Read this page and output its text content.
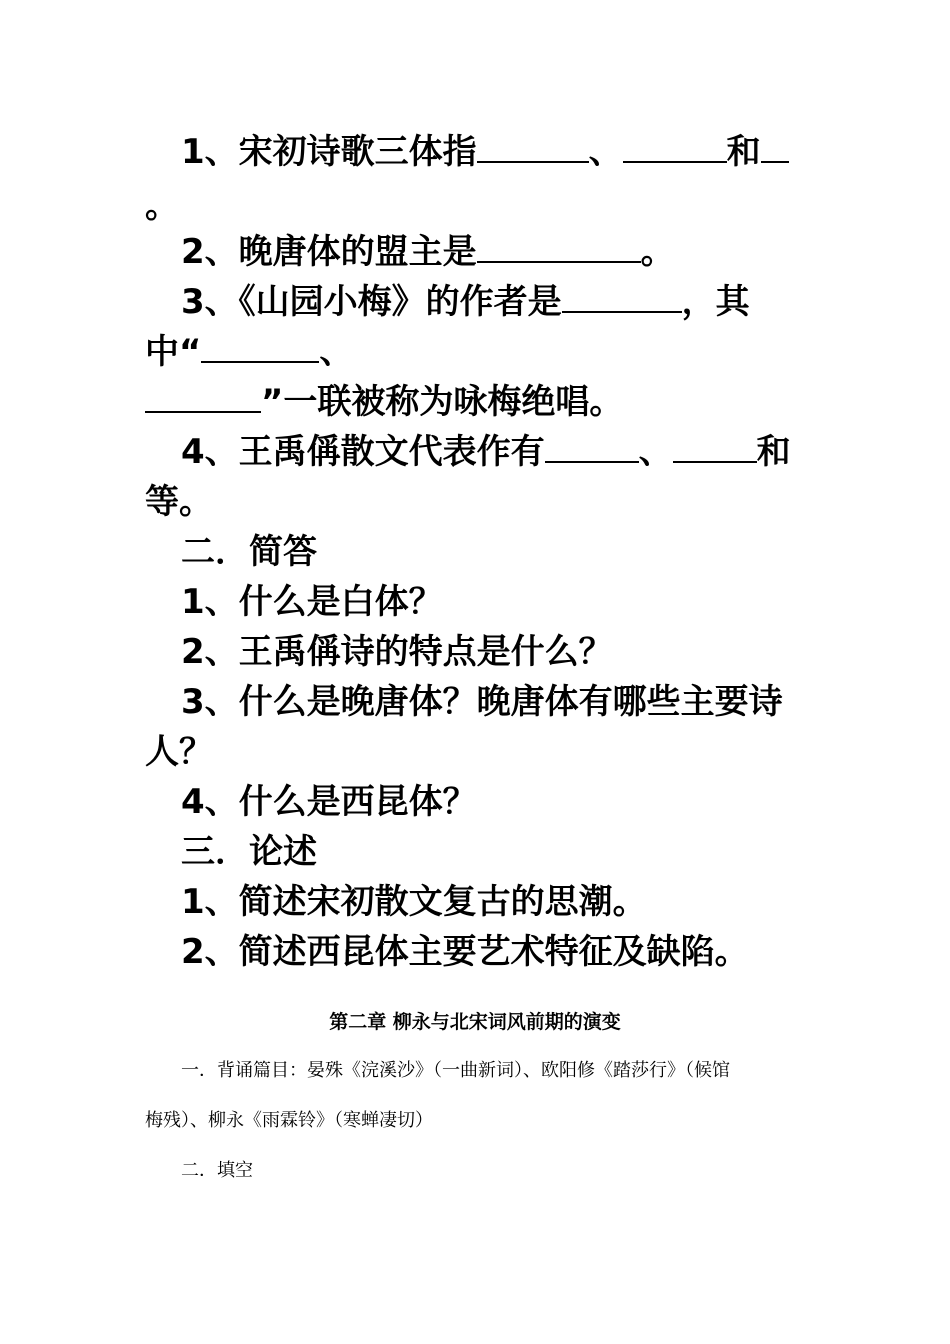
1、宋初诗歌三体指	、	和
。
2、晚唐体的盟主是	。
3、《山园小梅》的作者是	，其
中“	、
”一联被称为咏梅绝唱。
4、王禹偁散文代表作有	、 和
等。
二．简答
1、什么是白体？
2、王禹偁诗的特点是什么？
3、什么是晚唐体？晚唐体有哪些主要诗
人？
4、什么是西昆体？
三．论述
1、简述宋初散文复古的思潮。
2、简述西昆体主要艺术特征及缺陷。
第二章 柳永与北宋词风前期的演变
一．背诵篇目：晏殊《浣溪沙》（一曲新词）、欧阳修《踏莎行》（候馆
梅残）、柳永《雨霖铃》（寒蝉凄切）
二．填空
